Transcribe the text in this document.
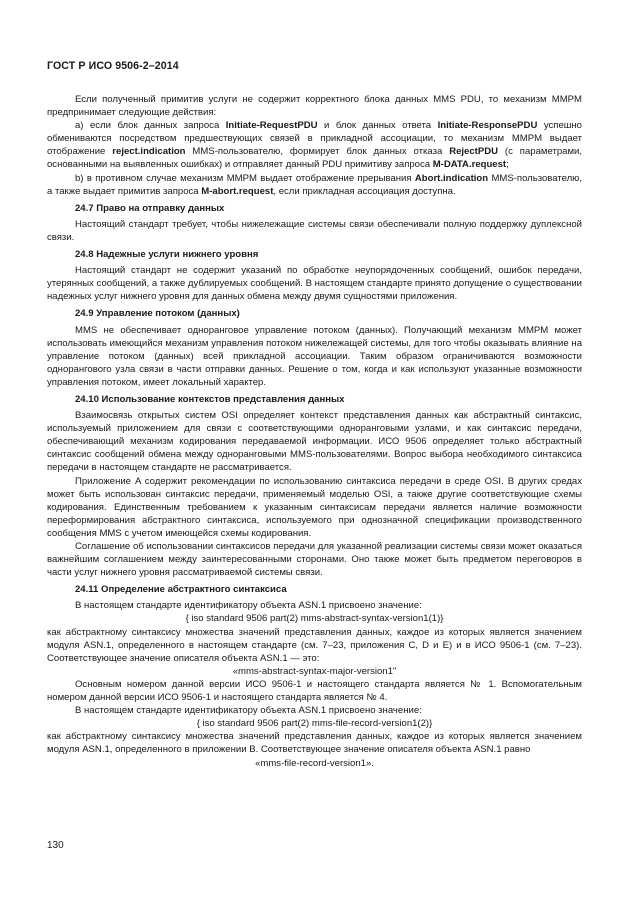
ГОСТ Р ИСО 9506-2–2014

Если полученный примитив услуги не содержит корректного блока данных MMS PDU, то механизм MMPM предпринимает следующие действия:

а) если блок данных запроса Initiate-RequestPDU и блок данных ответа Initiate-ResponsePDU успешно обмениваются посредством предшествующих связей в прикладной ассоциации, то механизм MMPM выдает отображение reject.indication MMS-пользователю, формирует блок данных отказа RejectPDU (с параметрами, основанными на выявленных ошибках) и отправляет данный PDU примитиву запроса M-DATA.request;

b) в противном случае механизм MMPM выдает отображение прерывания Abort.indication MMS-пользователю, а также выдает примитив запроса M-abort.request, если прикладная ассоциация доступна.

24.7 Право на отправку данных

Настоящий стандарт требует, чтобы нижележащие системы связи обеспечивали полную поддержку дуплексной связи.

24.8 Надежные услуги нижнего уровня

Настоящий стандарт не содержит указаний по обработке неупорядоченных сообщений, ошибок передачи, утерянных сообщений, а также дублируемых сообщений. В настоящем стандарте принято допущение о существовании надежных услуг нижнего уровня для данных обмена между двумя сущностями приложения.

24.9 Управление потоком (данных)

MMS не обеспечивает одноранговое управление потоком (данных). Получающий механизм MMPM может использовать имеющийся механизм управления потоком нижележащей системы, для того чтобы оказывать влияние на управление потоком (данных) всей прикладной ассоциации. Таким образом ограничиваются возможности однорангового узла связи в части отправки данных. Решение о том, когда и как используют указанные возможности управления потоком, имеет локальный характер.

24.10 Использование контекстов представления данных

Взаимосвязь открытых систем OSI определяет контекст представления данных как абстрактный синтаксис, используемый приложением для связи с соответствующими одноранговыми узлами, и как синтаксис передачи, обеспечивающий механизм кодирования передаваемой информации. ИСО 9506 определяет только абстрактный синтаксис сообщений обмена между одноранговыми MMS-пользователями. Вопрос выбора необходимого синтаксиса передачи в настоящем стандарте не рассматривается.

Приложение A содержит рекомендации по использованию синтаксиса передачи в среде OSI. В других средах может быть использован синтаксис передачи, применяемый моделью OSI, а также другие соответствующие схемы кодирования. Единственным требованием к указанным синтаксисам передачи является наличие возможности переформирования абстрактного синтаксиса, используемого при однозначной спецификации производственного сообщения MMS с учетом имеющейся схемы кодирования.

Соглашение об использовании синтаксисов передачи для указанной реализации системы связи может оказаться важнейшим соглашением между заинтересованными сторонами. Оно также может быть предметом переговоров в части услуг нижнего уровня рассматриваемой системы связи.

24.11 Определение абстрактного синтаксиса

В настоящем стандарте идентификатору объекта ASN.1 присвоено значение:

{ iso standard 9506 part(2) mms-abstract-syntax-version1(1)}

как абстрактному синтаксису множества значений представления данных, каждое из которых является значением модуля ASN.1, определенного в настоящем стандарте (см. 7–23, приложения C, D и E) и в ИСО 9506-1 (см. 7–23). Соответствующее значение описателя объекта ASN.1 — это:

«mms-abstract-syntax-major-version1"

Основным номером данной версии ИСО 9506-1 и настоящего стандарта является № 1. Вспомогательным номером данной версии ИСО 9506-1 и настоящего стандарта является № 4.

В настоящем стандарте идентификатору объекта ASN.1 присвоено значение:

{ iso standard 9506 part(2) mms-file-record-version1(2)}

как абстрактному синтаксису множества значений представления данных, каждое из которых является значением модуля ASN.1, определенного в приложении B. Соответствующее значение описателя объекта ASN.1 равно

«mms-file-record-version1».

130
